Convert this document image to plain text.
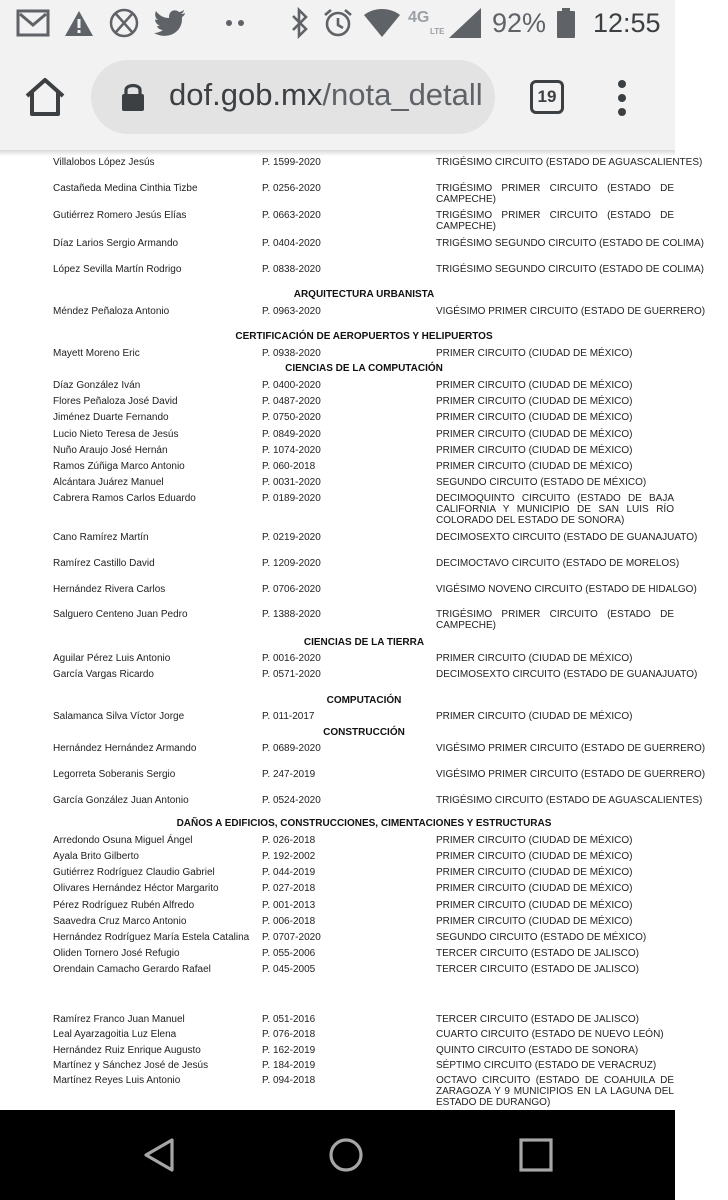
4G
LTE 92% 12:55
dof.gob.mx/nota_detall	19
Villalobos López Jesús	P. 1599-2020	TRIGÉSIMO CIRCUITO (ESTADO DE AGUASCALIENTES)
Castañeda Medina Cinthia Tizbe	P. 0256-2020	TRIGÉSIMO PRIMER CIRCUITO (ESTADO DE CAMPECHE)
Gutiérrez Romero Jesús Elías	P. 0663-2020	TRIGÉSIMO PRIMER CIRCUITO (ESTADO DE CAMPECHE)
Díaz Larios Sergio Armando	P. 0404-2020	TRIGÉSIMO SEGUNDO CIRCUITO (ESTADO DE COLIMA)
López Sevilla Martín Rodrigo	P. 0838-2020	TRIGÉSIMO SEGUNDO CIRCUITO (ESTADO DE COLIMA)
ARQUITECTURA URBANISTA
Méndez Peñaloza Antonio	P. 0963-2020	VIGÉSIMO PRIMER CIRCUITO (ESTADO DE GUERRERO)
CERTIFICACIÓN DE AEROPUERTOS Y HELIPUERTOS
Mayett Moreno Eric	P. 0938-2020	PRIMER CIRCUITO (CIUDAD DE MÉXICO)
CIENCIAS DE LA COMPUTACIÓN
Díaz González Iván	P. 0400-2020	PRIMER CIRCUITO (CIUDAD DE MÉXICO)
Flores Peñaloza José David	P. 0487-2020	PRIMER CIRCUITO (CIUDAD DE MÉXICO)
Jiménez Duarte Fernando	P. 0750-2020	PRIMER CIRCUITO (CIUDAD DE MÉXICO)
Lucio Nieto Teresa de Jesús	P. 0849-2020	PRIMER CIRCUITO (CIUDAD DE MÉXICO)
Nuño Araujo José Hernán	P. 1074-2020	PRIMER CIRCUITO (CIUDAD DE MÉXICO)
Ramos Zúñiga Marco Antonio	P. 060-2018	PRIMER CIRCUITO (CIUDAD DE MÉXICO)
Alcántara Juárez Manuel	P. 0031-2020	SEGUNDO CIRCUITO (ESTADO DE MÉXICO)
Cabrera Ramos Carlos Eduardo	P. 0189-2020	DECIMOQUINTO CIRCUITO (ESTADO DE BAJA CALIFORNIA Y MUNICIPIO DE SAN LUIS RÍO COLORADO DEL ESTADO DE SONORA)
Cano Ramírez Martín	P. 0219-2020	DECIMOSEXTO CIRCUITO (ESTADO DE GUANAJUATO)
Ramírez Castillo David	P. 1209-2020	DECIMOCTAVO CIRCUITO (ESTADO DE MORELOS)
Hernández Rivera Carlos	P. 0706-2020	VIGÉSIMO NOVENO CIRCUITO (ESTADO DE HIDALGO)
Salguero Centeno Juan Pedro	P. 1388-2020	TRIGÉSIMO PRIMER CIRCUITO (ESTADO DE CAMPECHE)
CIENCIAS DE LA TIERRA
Aguilar Pérez Luis Antonio	P. 0016-2020	PRIMER CIRCUITO (CIUDAD DE MÉXICO)
García Vargas Ricardo	P. 0571-2020	DECIMOSEXTO CIRCUITO (ESTADO DE GUANAJUATO)
COMPUTACIÓN
Salamanca Silva Víctor Jorge	P. 011-2017	PRIMER CIRCUITO (CIUDAD DE MÉXICO)
CONSTRUCCIÓN
Hernández Hernández Armando	P. 0689-2020	VIGÉSIMO PRIMER CIRCUITO (ESTADO DE GUERRERO)
Legorreta Soberanis Sergio	P. 247-2019	VIGÉSIMO PRIMER CIRCUITO (ESTADO DE GUERRERO)
García González Juan Antonio	P. 0524-2020	TRIGÉSIMO CIRCUITO (ESTADO DE AGUASCALIENTES)
DAÑOS A EDIFICIOS, CONSTRUCCIONES, CIMENTACIONES Y ESTRUCTURAS
Arredondo Osuna Miguel Ángel	P. 026-2018	PRIMER CIRCUITO (CIUDAD DE MÉXICO)
Ayala Brito Gilberto	P. 192-2002	PRIMER CIRCUITO (CIUDAD DE MÉXICO)
Gutiérrez Rodríguez Claudio Gabriel	P. 044-2019	PRIMER CIRCUITO (CIUDAD DE MÉXICO)
Olivares Hernández Héctor Margarito	P. 027-2018	PRIMER CIRCUITO (CIUDAD DE MÉXICO)
Pérez Rodríguez Rubén Alfredo	P. 001-2013	PRIMER CIRCUITO (CIUDAD DE MÉXICO)
Saavedra Cruz Marco Antonio	P. 006-2018	PRIMER CIRCUITO (CIUDAD DE MÉXICO)
Hernández Rodríguez María Estela Catalina	P. 0707-2020	SEGUNDO CIRCUITO (ESTADO DE MÉXICO)
Oliden Tornero José Refugio	P. 055-2006	TERCER CIRCUITO (ESTADO DE JALISCO)
Orendain Camacho Gerardo Rafael	P. 045-2005	TERCER CIRCUITO (ESTADO DE JALISCO)
Ramírez Franco Juan Manuel	P. 051-2016	TERCER CIRCUITO (ESTADO DE JALISCO)
Leal Ayarzagoitia Luz Elena	P. 076-2018	CUARTO CIRCUITO (ESTADO DE NUEVO LEÓN)
Hernández Ruiz Enrique Augusto	P. 162-2019	QUINTO CIRCUITO (ESTADO DE SONORA)
Martínez y Sánchez José de Jesús	P. 184-2019	SÉPTIMO CIRCUITO (ESTADO DE VERACRUZ)
Martínez Reyes Luis Antonio	P. 094-2018	OCTAVO CIRCUITO (ESTADO DE COAHUILA DE ZARAGOZA Y 9 MUNICIPIOS EN LA LAGUNA DEL ESTADO DE DURANGO)
